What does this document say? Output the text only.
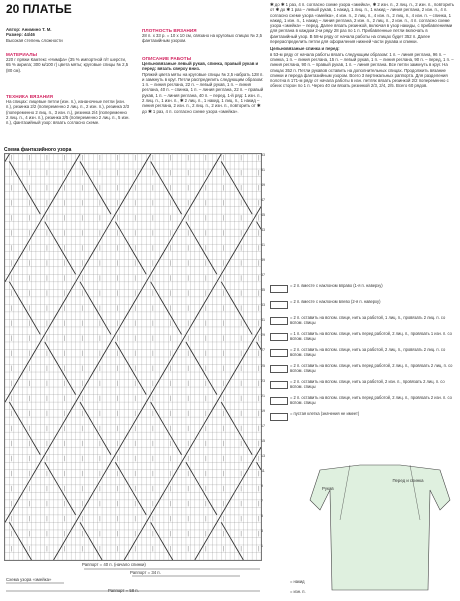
20 ПЛАТЬЕ
Автор: Анимино Т. М.
Размер: 44/46
Высокая степень сложности
МАТЕРИАЛЫ
220 г пряжи Камтекс «Нимфа» (35 % импортной п/т шерсти, 65 % акрила; 300 м/100 г) цвета мяты; круговые спицы № 2,5 (80 см).
ТЕХНИКА ВЯЗАНИЯ
На спицах: лицевые петли (изн. п.), изнаночные петли (изн. п.), резинка 2/2 (попеременно 2 лиц. п., 2 изн. п.), резинка 2/3 (попеременно 2 лиц. п., 3 изн. п.), резинка 2/4 (попеременно 2 лиц. п., 4 изн. п.), резинка 2/5 (попеременно 2 лиц. п., 5 изн. п.), фантазийный узор: вязать согласно схеме.
ПЛОТНОСТЬ ВЯЗАНИЯ
28 п. х 33 р. = 10 х 10 см, связано на круговых спицах № 2,5 фантазийным узором.
ОПИСАНИЕ РАБОТЫ
Цельновязаные левый рукав, спинка, правый рукав и перед: вязать сверху вниз.
Пряжей цвета мяты на круговые спицы № 2,5 набрать 128 п. и замкнуть в круг. Петли распределить следующим образом: 1 п. – линия реглана, 22 п. – левый рукав, 1 п. – линия реглана, 40 п. – спинка, 1 п. – линия реглана, 22 п. – правый рукав, 1 п. – линия реглана, 40 п. – перед. 1-й ряд: 1 изн. п., 2 лиц. п., 1 изн. п., ✱ 2 лиц. п., 1 накид, 1 лиц. п., 1 накид – линия реглана, 2 изн. п., 2 лиц. п., 2 изн. п., повторить от ✱ до ✱ 1 раз, 4 п. согласно схеме узора «змейка».
✱ до ✱ 1 раз, 4 п. согласно схеме узора «змейка», ✱ 2 изн. п., 2 лиц. п., 2 изн. п., повторить от ✱ до ✱ 1 раз – левый рукав, 1 накид, 1 лиц. п., 1 накид – линия реглана, 2 изн. п., 4 п. согласно схеме узора «змейка», 4 изн. п., 2 лиц. п., 4 изн. п., 2 лиц. п., 4 изн. п. – спинка, 1 накид, 1 изн. п., 1 накид – линия реглана, 2 изн. п., 2 лиц. п., 2 изн. п., 4 п. согласно схеме узора «змейка» – перед. Далее вязать резинкой, включая в узор накиды, с прибавлениями для реглана в каждом 2-м ряду 28 раз по 1 п. Прибавленные петли включать в фантазийный узор. В 58-м ряду от начала работы на спицах будет 352 п. Далее перераспределить петли для оформления нижней части рукава и спинки.
Цельновязаные спинка и перед:
в 53-м ряду от начала работы вязать следующим образом: 1 п. – линия реглана, 96 п. – спинка, 1 п. – линия реглана, 15 п. – левый рукав, 1 п. – линия реглана, 90 п. – перед, 1 п. – линия реглана, 90 п. – правый рукав, 1 п. – линия реглана. Все петли замкнуть в круг. На спицах 352 п. Петли рукавов оставить на дополнительных спицах. Продолжить вязание спинки и переда фантазийным узором. Всего 3 вертикальных раппорта. Для разделения полотна в 171-м ряду от начала работы в изн. петлях вязать резинкой 2/2 попеременно с обеих сторон по 1 п. Через 40 см вязать резинкой 2/3, 2/4, 2/5. Всего 60 рядов.
Схема фантазийного узора
53
51
49
47
45
43
41
39
37
35
33
31
29
27
25
23
21
19
17
15
13
11
9
7
5
3
1
Раппорт = 40 п. (начало спинки)
Раппорт = 34 п.
Схема узора «змейка»
Раппорт = 58 п.
= 2 п. вместе с наклоном вправо (1-я п. наверху)
= 2 п. вместе с наклоном влево (2-я п. наверху)
= 2 п. оставить на вспом. спице, нить за работой, 1 лиц. п., провязать 2 лиц. п. со вспом. спицы
= 1 п. оставить на вспом. спице, нить перед работой, 2 лиц. п., провязать 1 изн. п. со вспом. спицы
= 2 п. оставить на вспом. спице, нить за работой, 2 лиц. п., провязать 2 лиц. п. со вспом. спицы
= 2 п. оставить на вспом. спице, нить перед работой, 2 лиц. п., провязать 2 лиц. п. со вспом. спицы
= 2 п. оставить на вспом. спице, нить за работой, 2 изн. п., провязать 2 лиц. п. со вспом. спицы
= 2 п. оставить на вспом. спице, нить перед работой, 2 лиц. п., провязать 2 изн. п. со вспом. спицы
= пустая клетка (значения не имеет)
= накид
= изн. п.
Рукав
Перед и спинка
